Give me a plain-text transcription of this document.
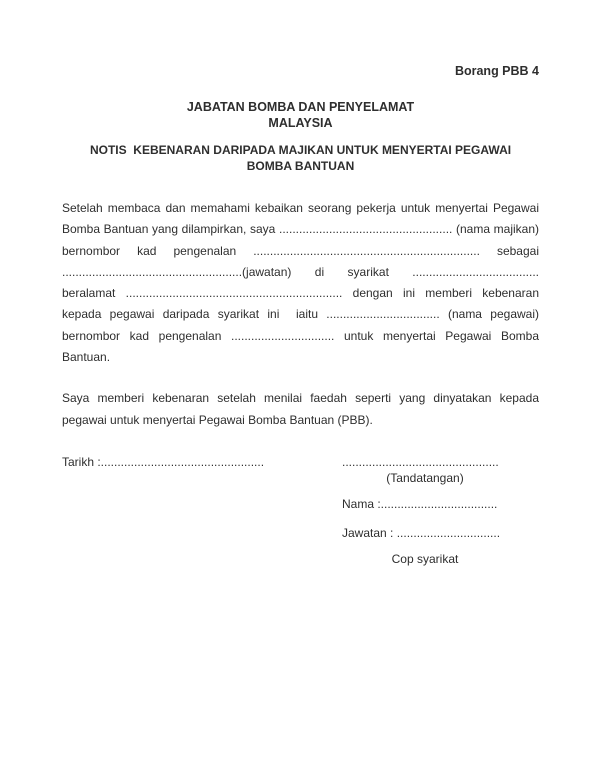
Borang PBB 4
JABATAN BOMBA DAN PENYELAMAT
MALAYSIA
NOTIS  KEBENARAN DARIPADA MAJIKAN UNTUK MENYERTAI PEGAWAI
BOMBA BANTUAN
Setelah membaca dan memahami kebaikan seorang pekerja untuk menyertai Pegawai
Bomba Bantuan yang dilampirkan, saya .................................................... (nama majikan)
bernombor kad pengenalan .................................................................... sebagai
......................................................(jawatan) di syarikat ......................................
beralamat ................................................................. dengan ini memberi kebenaran
kepada pegawai daripada syarikat ini  iaitu .................................. (nama pegawai)
bernombor kad pengenalan ............................... untuk menyertai Pegawai Bomba
Bantuan.
Saya memberi kebenaran setelah menilai faedah seperti yang dinyatakan kepada
pegawai untuk menyertai Pegawai Bomba Bantuan (PBB).
Tarikh :.................................................	...............................................
(Tandatangan)
Nama :...................................
Jawatan : ...............................
Cop syarikat
